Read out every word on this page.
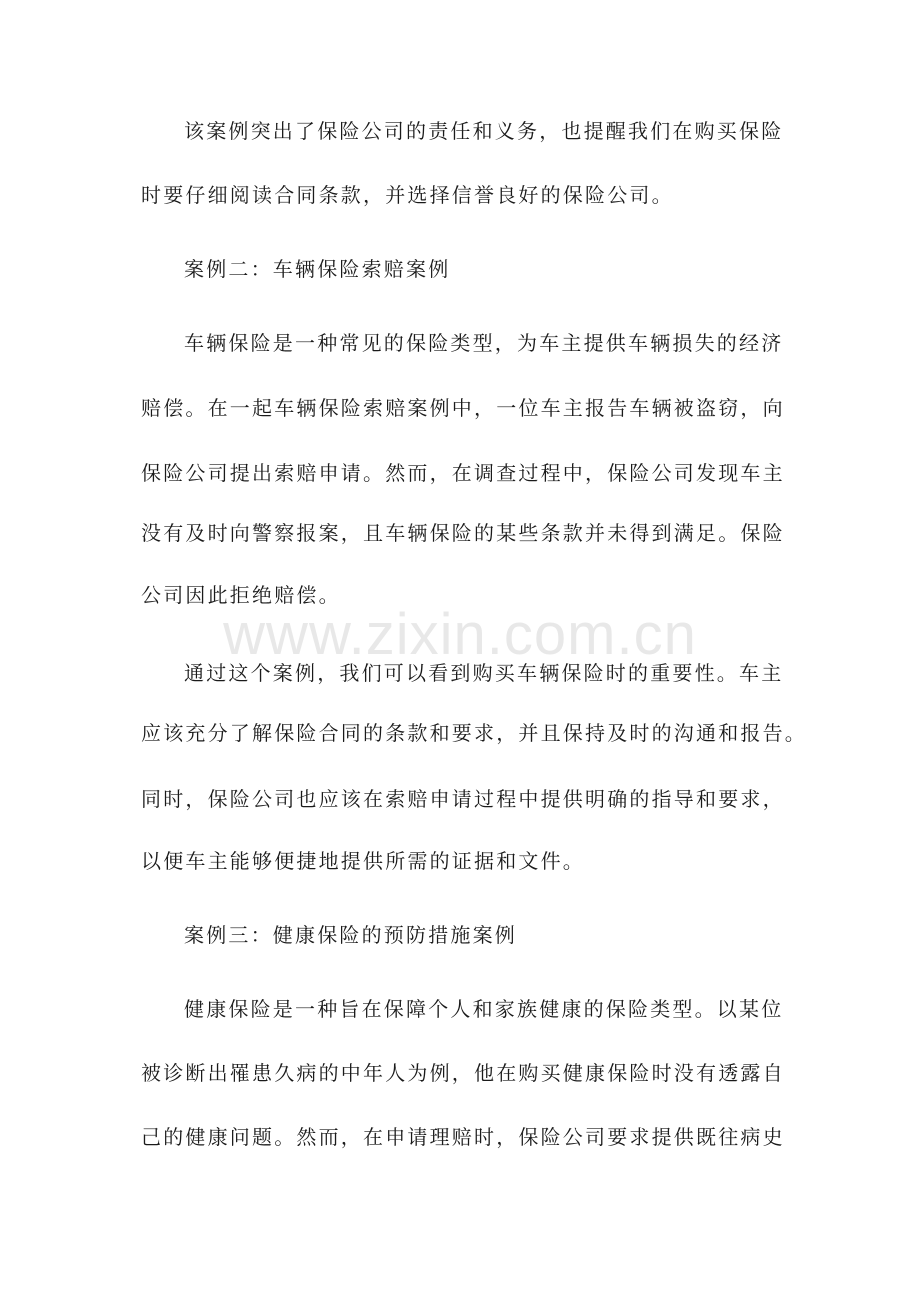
该案例突出了保险公司的责任和义务，也提醒我们在购买保险
时要仔细阅读合同条款，并选择信誉良好的保险公司。
案例二：车辆保险索赔案例
车辆保险是一种常见的保险类型，为车主提供车辆损失的经济
赔偿。在一起车辆保险索赔案例中，一位车主报告车辆被盗窃，向
保险公司提出索赔申请。然而，在调查过程中，保险公司发现车主
没有及时向警察报案，且车辆保险的某些条款并未得到满足。保险
公司因此拒绝赔偿。
通过这个案例，我们可以看到购买车辆保险时的重要性。车主
应该充分了解保险合同的条款和要求，并且保持及时的沟通和报告。
同时，保险公司也应该在索赔申请过程中提供明确的指导和要求，
以便车主能够便捷地提供所需的证据和文件。
案例三：健康保险的预防措施案例
健康保险是一种旨在保障个人和家族健康的保险类型。以某位
被诊断出罹患久病的中年人为例，他在购买健康保险时没有透露自
己的健康问题。然而，在申请理赔时，保险公司要求提供既往病史
www.zixin.com.cn
